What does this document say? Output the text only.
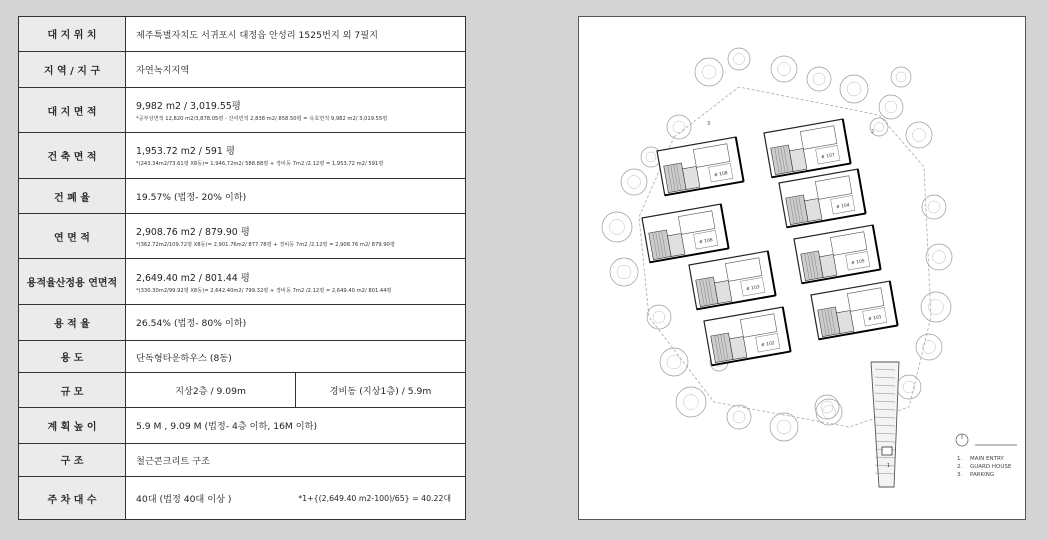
대 지 위 치	제주특별자치도 서귀포시 대정읍 안성리 1525번지 외 7필지	
지 역 / 지 구	자연녹지지역	
대 지 면 적	9,982 m2 / 3,019.55평
*공부상면적 12,820 m2/3,878.05평 - 잔여면적 2,838 m2/ 858.50평 = 유효면적 9,982 m2/ 3,019.55평	

건 축 면 적	1,953.72 m2 / 591 평
*(243.34m2/73.61평 X8동)= 1,946.72m2/ 588.88평 + 경비동 7m2 /2.12평 = 1,953.72 m2/ 591평	

건 폐 율	19.57% (법정- 20% 이하)	
연 면 적	2,908.76 m2 / 879.90 평
*(362.72m2/109.72평 X8동)= 2,901.76m2/ 877.78평 + 경비동 7m2 /2.12평 = 2,908.76 m2/ 879.90평	

용적율산정용 연면적	2,649.40 m2 / 801.44 평
*(330.30m2/99.92평 X8동)= 2,642.40m2/ 799.32평 + 경비동 7m2 /2.12평 = 2,649.40 m2/ 801.44평	

용 적 율	26.54% (법정- 80% 이하)	
용 도	단독형타운하우스 (8동)	
규 모	지상2층 / 9.09m	경비동 (지상1층) / 5.9m
계 획 높 이	5.9 M , 9.09 M (법정- 4층 이하, 16M 이하)	
구 조	철근콘크리트 구조	
주 차 대 수	40대 (법정 40대 이상 ) *1+{(2,649.40 m2-100)/65} = 40.22대	
# 108
# 107
# 106
# 104
# 103
# 105
# 102
# 101
3
2
1
1. MAIN ENTRY
2. GUARD HOUSE
3. PARKING
